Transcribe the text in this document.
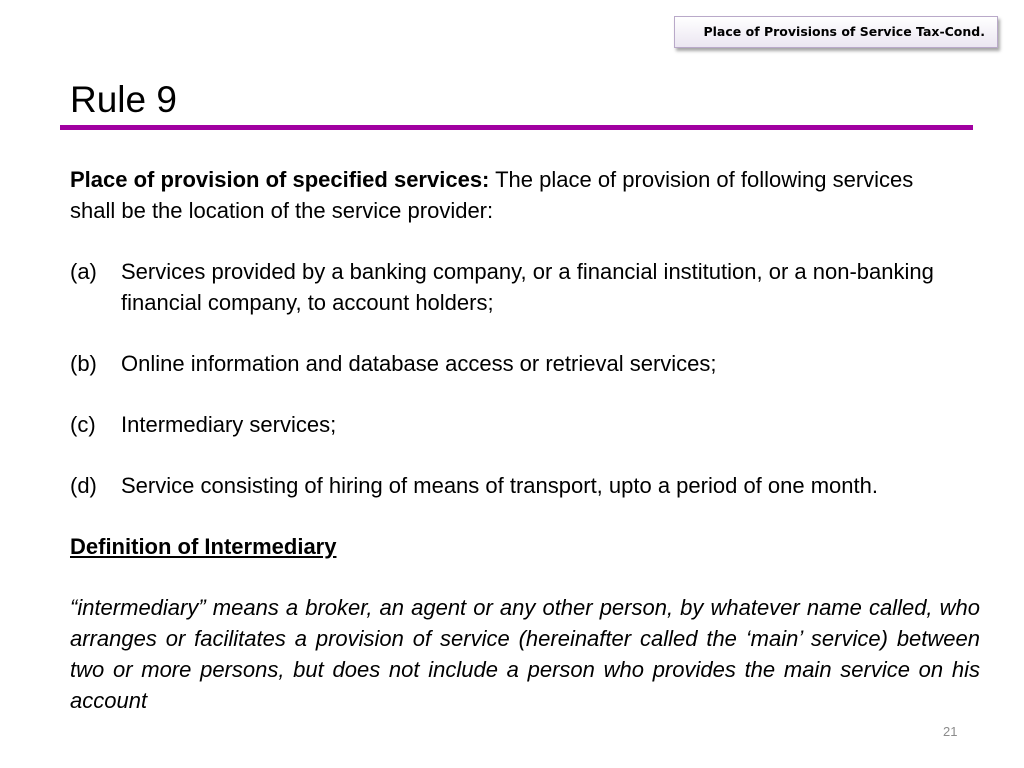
Place of Provisions of Service Tax-Cond.
Rule 9

Place of provision of specified services: The place of provision of following services shall be the location of the service provider:

(a) Services provided by a banking company, or a financial institution, or a non-banking financial company, to account holders;

(b) Online information and database access or retrieval services;

(c) Intermediary services;

(d) Service consisting of hiring of means of transport, upto a period of one month.

Definition of Intermediary

“intermediary” means a broker, an agent or any other person, by whatever name called, who arranges or facilitates a provision of service (hereinafter called the ‘main’ service) between two or more persons, but does not include a person who provides the main service on his account

21
